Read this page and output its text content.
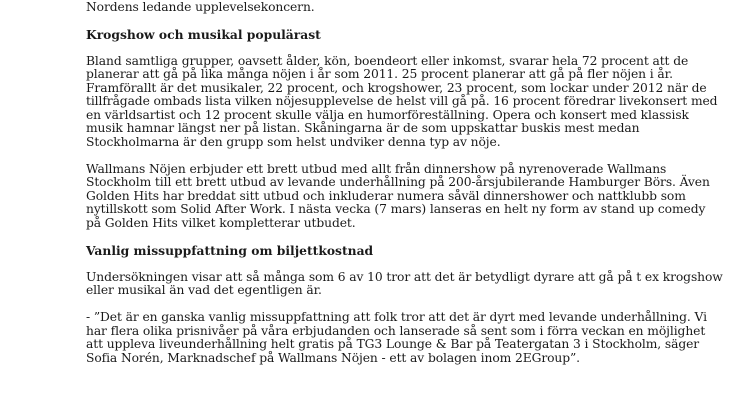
Nordens ledande upplevelsekoncern.

Krogshow och musikal populärast

Bland samtliga grupper, oavsett ålder, kön, boendeort eller inkomst, svarar hela 72 procent att de
planerar att gå på lika många nöjen i år som 2011. 25 procent planerar att gå på fler nöjen i år.
Framförallt är det musikaler, 22 procent, och krogshower, 23 procent, som lockar under 2012 när de
tillfrågade ombads lista vilken nöjesupplevelse de helst vill gå på. 16 procent föredrar livekonsert med
en världsartist och 12 procent skulle välja en humorföreställning. Opera och konsert med klassisk
musik hamnar längst ner på listan. Skåningarna är de som uppskattar buskis mest medan
Stockholmarna är den grupp som helst undviker denna typ av nöje.

Wallmans Nöjen erbjuder ett brett utbud med allt från dinnershow på nyrenoverade Wallmans
Stockholm till ett brett utbud av levande underhållning på 200-årsjubilerande Hamburger Börs. Även
Golden Hits har breddat sitt utbud och inkluderar numera såväl dinnershower och nattklubb som
nytillskott som Solid After Work. I nästa vecka (7 mars) lanseras en helt ny form av stand up comedy
på Golden Hits vilket kompletterar utbudet.

Vanlig missuppfattning om biljettkostnad

Undersökningen visar att så många som 6 av 10 tror att det är betydligt dyrare att gå på t ex krogshow
eller musikal än vad det egentligen är.

- ”Det är en ganska vanlig missuppfattning att folk tror att det är dyrt med levande underhållning. Vi
har flera olika prisnivåer på våra erbjudanden och lanserade så sent som i förra veckan en möjlighet
att uppleva liveunderhållning helt gratis på TG3 Lounge & Bar på Teatergatan 3 i Stockholm, säger
Sofia Norén, Marknadschef på Wallmans Nöjen - ett av bolagen inom 2EGroup”.
